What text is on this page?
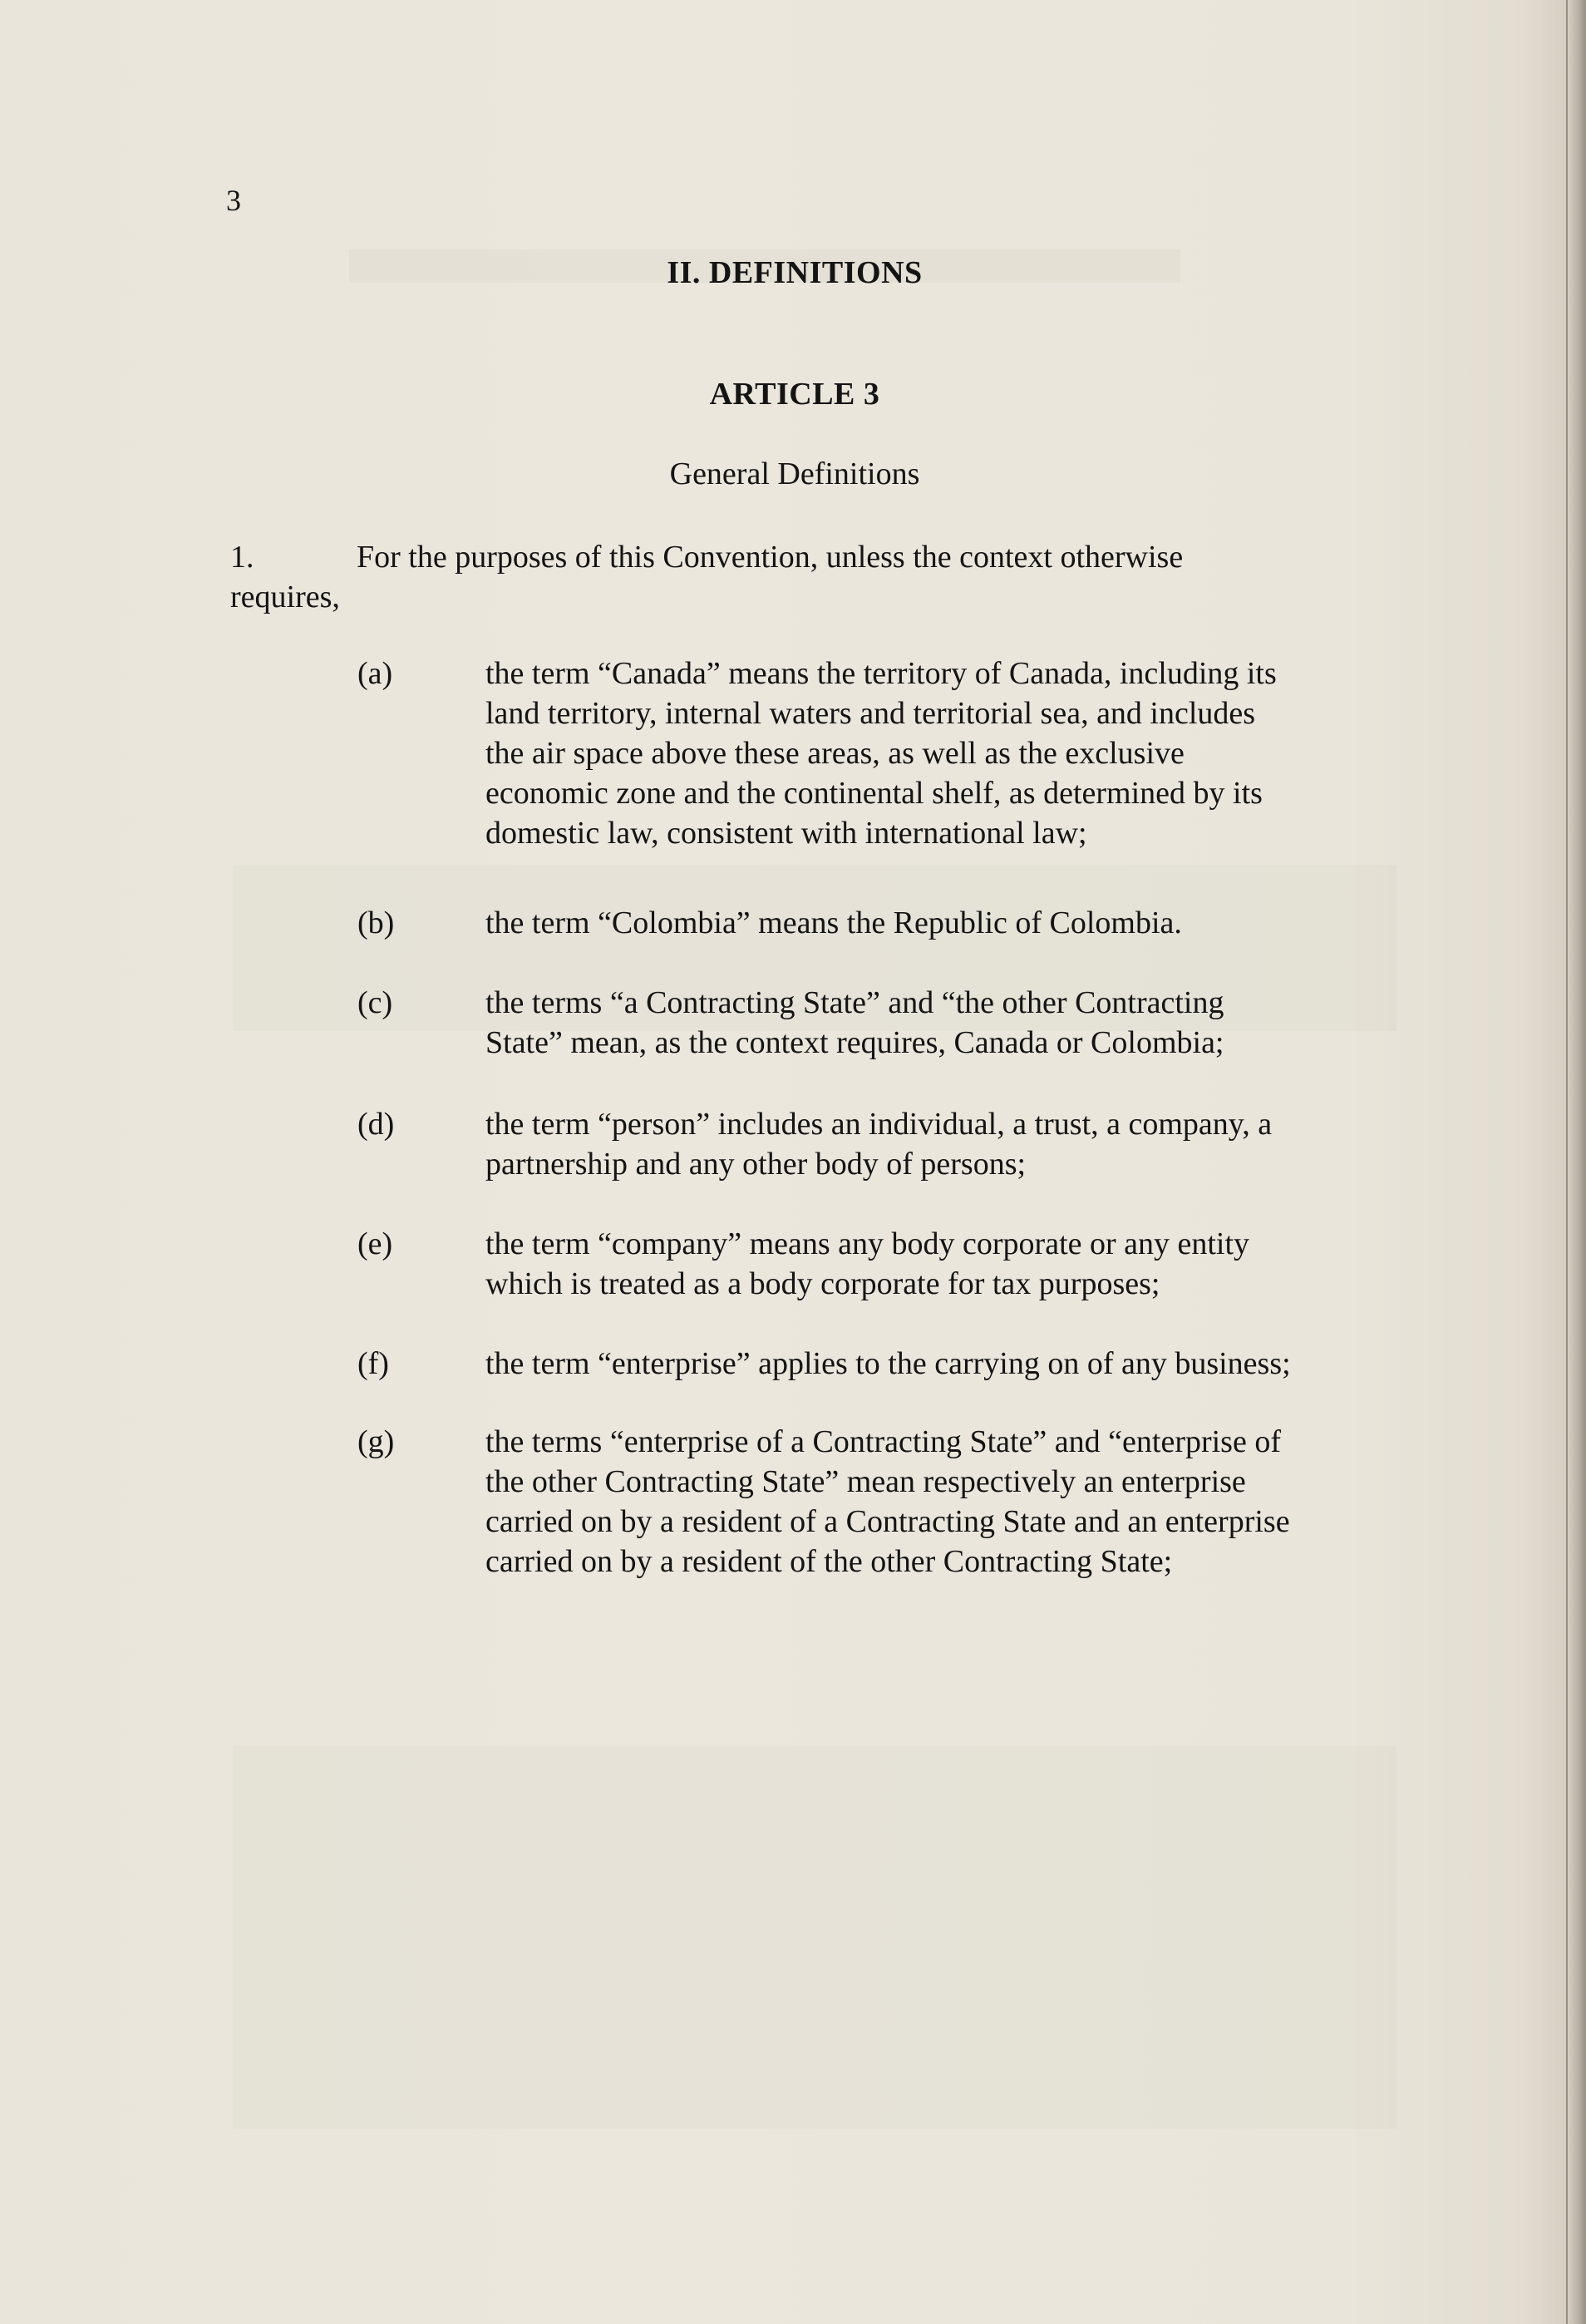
3
II. DEFINITIONS
ARTICLE 3
General Definitions
1.	For the purposes of this Convention, unless the context otherwise
requires,
(a)	the term “Canada” means the territory of Canada, including its
land territory, internal waters and territorial sea, and includes
the air space above these areas, as well as the exclusive
economic zone and the continental shelf, as determined by its
domestic law, consistent with international law;
(b)	the term “Colombia” means the Republic of Colombia.
(c)	the terms “a Contracting State” and “the other Contracting
State” mean, as the context requires, Canada or Colombia;
(d)	the term “person” includes an individual, a trust, a company, a
partnership and any other body of persons;
(e)	the term “company” means any body corporate or any entity
which is treated as a body corporate for tax purposes;
(f)	the term “enterprise” applies to the carrying on of any business;
(g)	the terms “enterprise of a Contracting State” and “enterprise of
the other Contracting State” mean respectively an enterprise
carried on by a resident of a Contracting State and an enterprise
carried on by a resident of the other Contracting State;
